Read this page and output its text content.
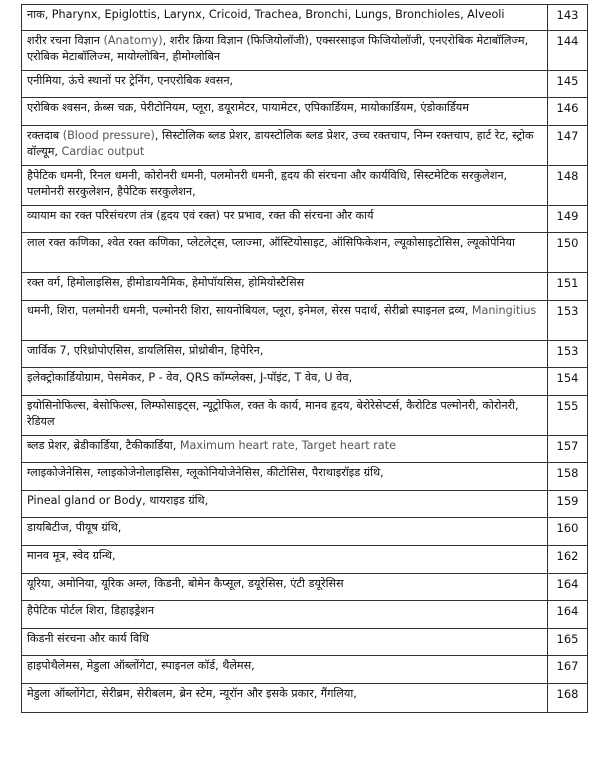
नाक, Pharynx, Epiglottis, Larynx, Cricoid, Trachea, Bronchi, Lungs, Bronchioles, Alveoli	143
शरीर रचना विज्ञान (Anatomy), शरीर क्रिया विज्ञान (फिजियोलॉजी), एक्सरसाइज फिजियोलॉजी, एनएरोबिक मेटाबॉलिज्म, एरोबिक मेटाबॉलिज्म, मायोग्लोबिन, हीमोग्लोबिन	144
एनीमिया, ऊंचे स्थानों पर ट्रेनिंग, एनएरोबिक श्वसन,	145
एरोबिक श्वसन, क्रेब्स चक्र, पेरीटोनियम, प्लूरा, डयूरामेटर, पायामेटर, एपिकार्डियम, मायोकार्डियम, एंडोकार्डियम	146
रक्तदाब (Blood pressure), सिस्टोलिक ब्लड प्रेशर, डायस्टोलिक ब्लड प्रेशर, उच्च रक्तचाप, निम्न रक्तचाप, हार्ट रेट, स्ट्रोक वॉल्यूम, Cardiac output	147
हैपेटिक धमनी, रिनल धमनी, कोरोनरी धमनी, पलमोनरी धमनी, हृदय की संरचना और कार्यविधि, सिस्टमेटिक सरकुलेशन, पलमोनरी सरकुलेशन, हैपेटिक सरकुलेशन,	148
व्यायाम का रक्त परिसंचरण तंत्र (हृदय एवं रक्त) पर प्रभाव, रक्त की संरचना और कार्य	149
लाल रक्त कणिका, श्वेत रक्त कणिका, प्लेटलेट्स, प्लाज्मा, ऑस्टियोसाइट, ऑसिफिकेशन, ल्यूकोसाइटोसिस, ल्यूकोपेनिया	150
रक्त वर्ग, हिमोलाइसिस, हीमोडायनैमिक, हेमोपॉयसिस, होमियोस्टैसिस	151
धमनी, शिरा, पलमोनरी धमनी, पल्मोनरी शिरा, सायनोबियल, प्लूरा, इनेमल, सेरस पदार्थ, सेरीब्रो स्पाइनल द्रव्य, Maningitius	153
जार्विक 7, एरिथ्रोपोएसिस, डायलिसिस, प्रोथ्रोबीन, हिपेरिन,	153
इलेक्ट्रोकार्डियोग्राम, पेसमेकर, P - वेव, QRS कॉम्प्लेक्स, J-पॉइंट, T वेव, U वेव,	154
इयोसिनोफिल्स, बेसोफिल्स, लिम्फोसाइट्स, न्यूट्रोफिल, रक्त के कार्य, मानव हृदय, बेरोरेसेप्टर्स, कैरोटिड पल्मोनरी, कोरोनरी, रेडियल	155
ब्लड प्रेशर, ब्रेडीकार्डिया, टैकीकार्डिया, Maximum heart rate, Target heart rate	157
ग्लाइकोजेनेसिस, ग्लाइकोजेनोलाइसिस, ग्लूकोनियोजेनेसिस, कीटोसिस, पैराथाइरॉइड ग्रंथि,	158
Pineal gland or Body, थायराइड ग्रंथि,	159
डायबिटीज, पीयूष ग्रंथि,	160
मानव मूत्र, स्वेद ग्रन्थि,	162
यूरिया, अमोनिया, यूरिक अम्ल, किडनी, बोमेन कैप्सूल, डयूरेसिस, एंटी डयूरेसिस	164
हैपेटिक पोर्टल शिरा, डिहाइड्रेशन	164
किडनी संरचना और कार्य विधि	165
हाइपोथैलेमस, मेडुला ऑब्लोंगेटा, स्पाइनल कॉर्ड, थैलेमस,	167
मेडुला ऑब्लोंगेटा, सेरीब्रम, सेरीबलम, ब्रेन स्टेम, न्यूरॉन और इसके प्रकार, गैंगलिया,	168
